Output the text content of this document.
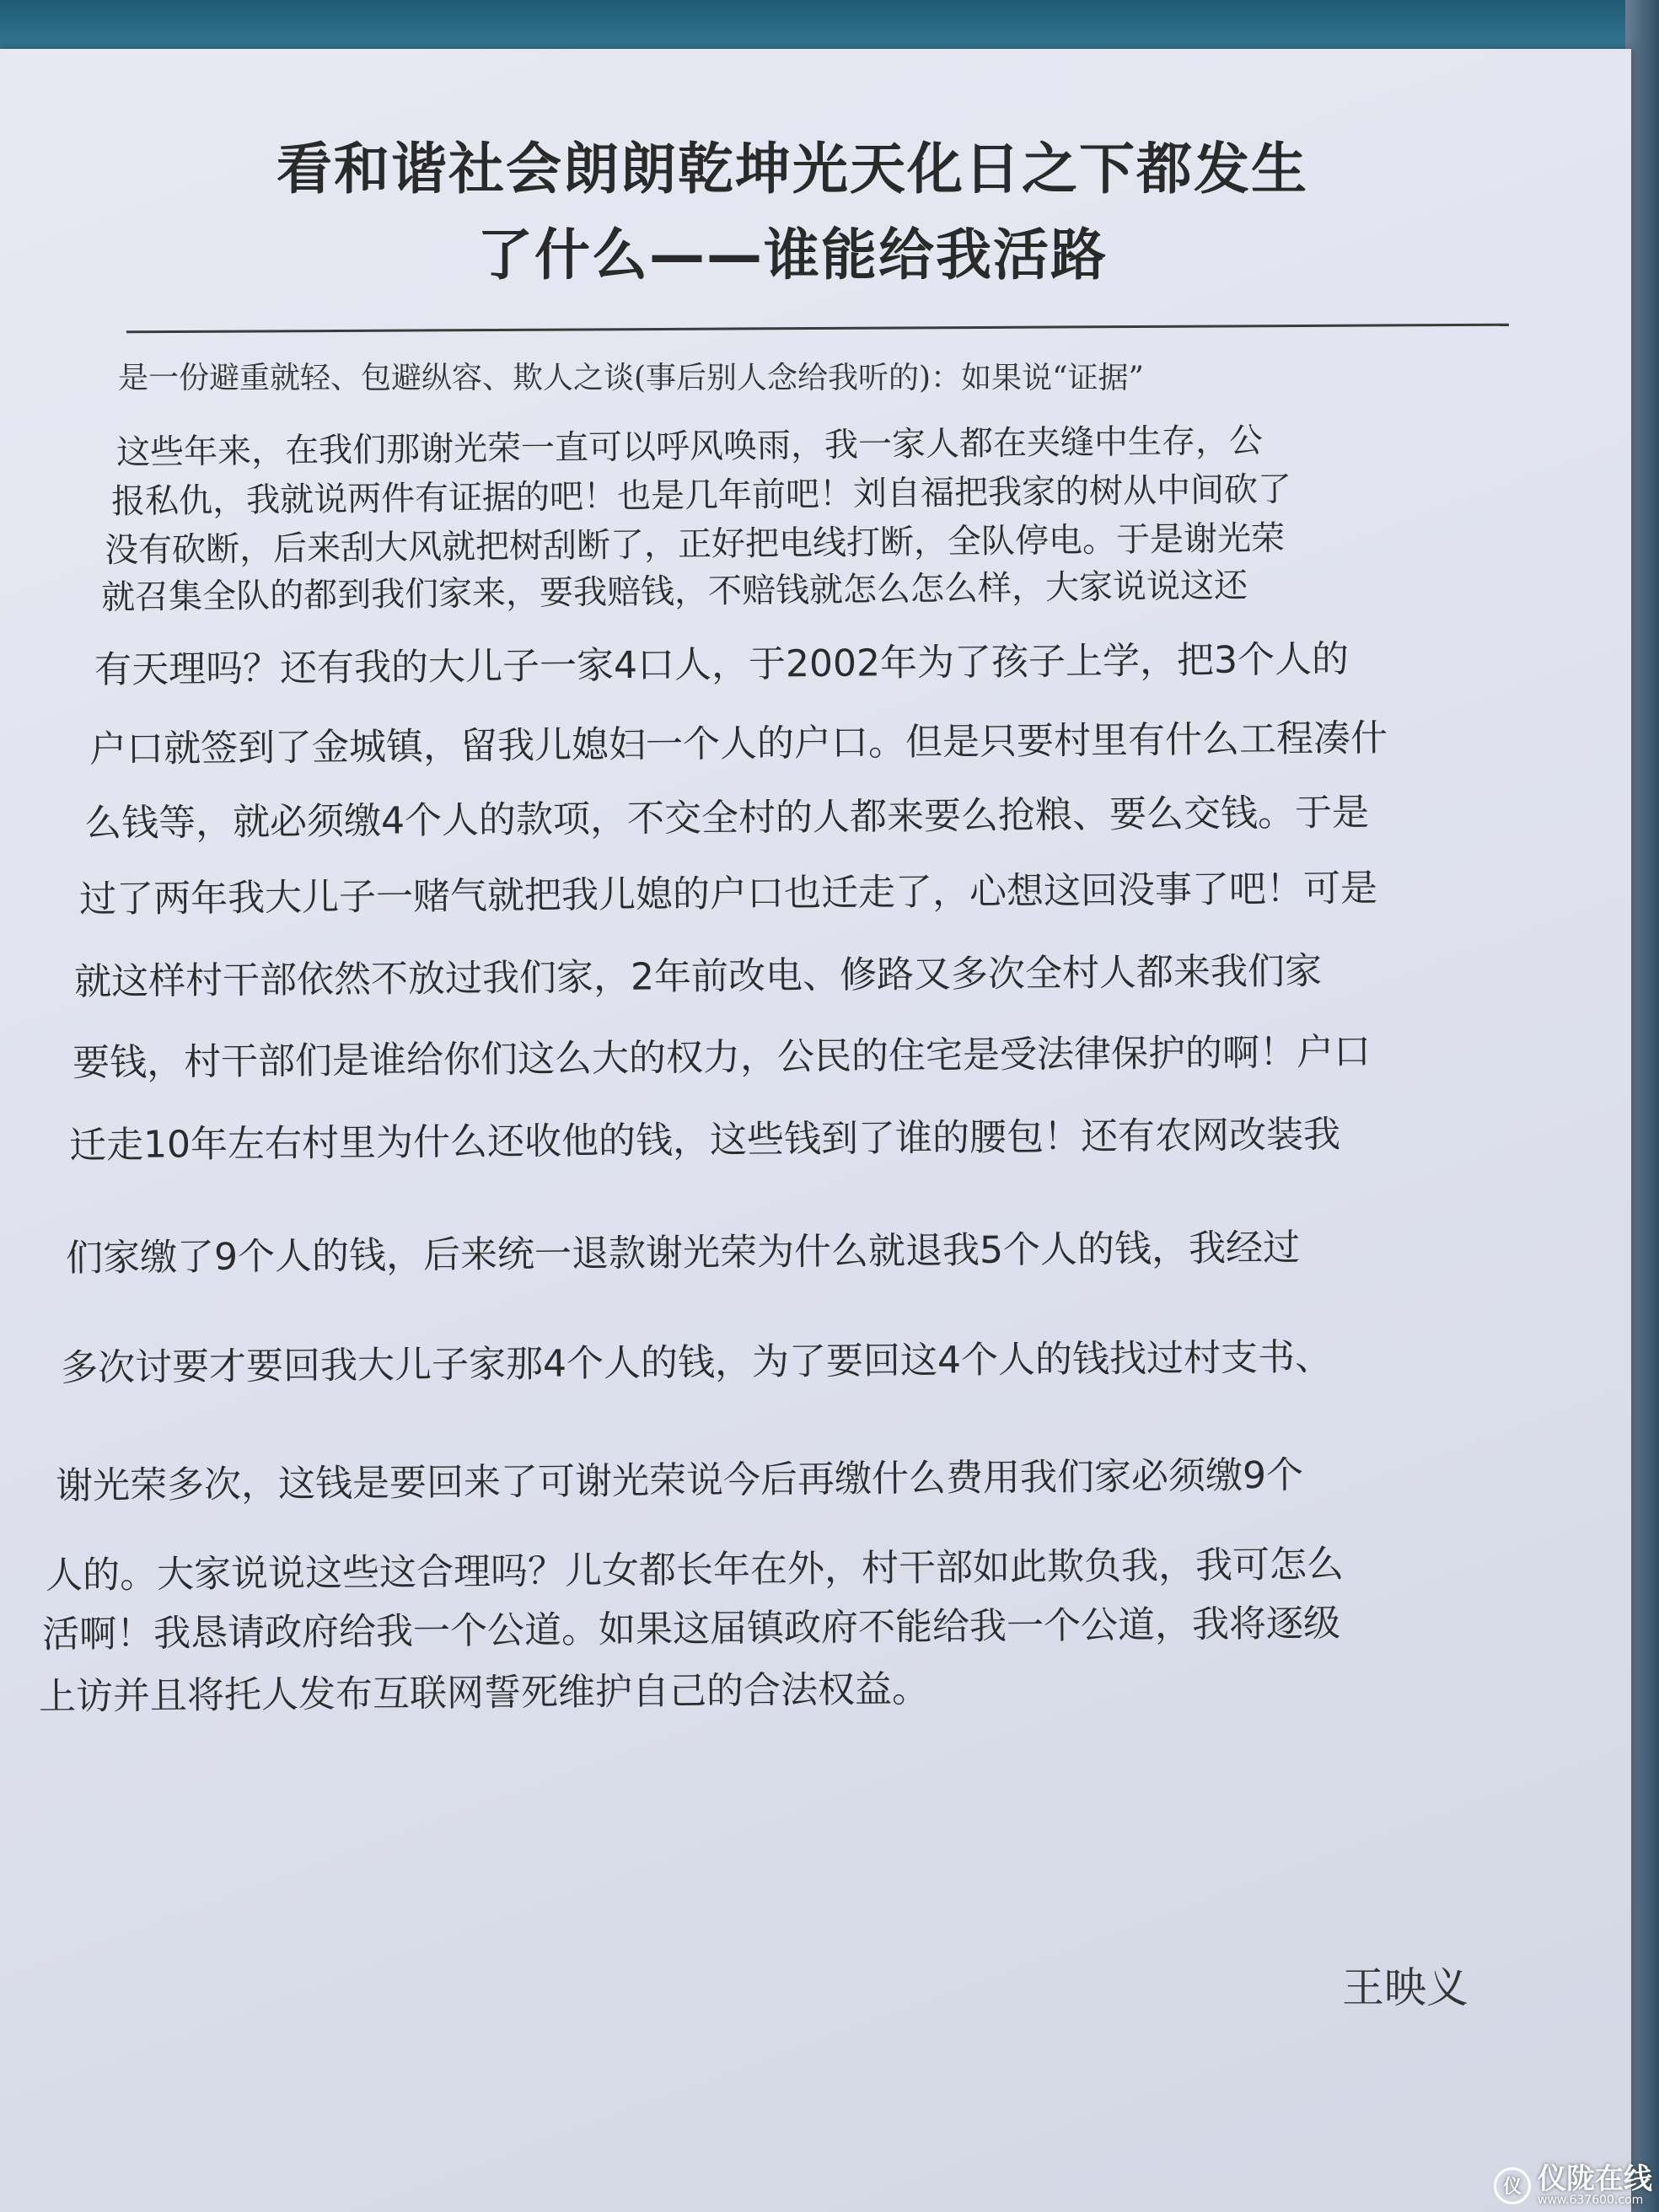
看和谐社会朗朗乾坤光天化日之下都发生
了什么——谁能给我活路
是一份避重就轻、包避纵容、欺人之谈(事后别人念给我听的)：如果说“证据”
这些年来，在我们那谢光荣一直可以呼风唤雨，我一家人都在夹缝中生存，公
报私仇，我就说两件有证据的吧！也是几年前吧！刘自福把我家的树从中间砍了
没有砍断，后来刮大风就把树刮断了，正好把电线打断，全队停电。于是谢光荣
就召集全队的都到我们家来，要我赔钱，不赔钱就怎么怎么样，大家说说这还
有天理吗？还有我的大儿子一家4口人，于2002年为了孩子上学，把3个人的
户口就签到了金城镇，留我儿媳妇一个人的户口。但是只要村里有什么工程凑什
么钱等，就必须缴4个人的款项，不交全村的人都来要么抢粮、要么交钱。于是
过了两年我大儿子一赌气就把我儿媳的户口也迁走了，心想这回没事了吧！可是
就这样村干部依然不放过我们家，2年前改电、修路又多次全村人都来我们家
要钱，村干部们是谁给你们这么大的权力，公民的住宅是受法律保护的啊！户口
迁走10年左右村里为什么还收他的钱，这些钱到了谁的腰包！还有农网改装我
们家缴了9个人的钱，后来统一退款谢光荣为什么就退我5个人的钱，我经过
多次讨要才要回我大儿子家那4个人的钱，为了要回这4个人的钱找过村支书、
谢光荣多次，这钱是要回来了可谢光荣说今后再缴什么费用我们家必须缴9个
人的。大家说说这些这合理吗？儿女都长年在外，村干部如此欺负我，我可怎么
活啊！我恳请政府给我一个公道。如果这届镇政府不能给我一个公道，我将逐级
上访并且将托人发布互联网誓死维护自己的合法权益。
王映义
仪 仪陇在线
www.637600.com
